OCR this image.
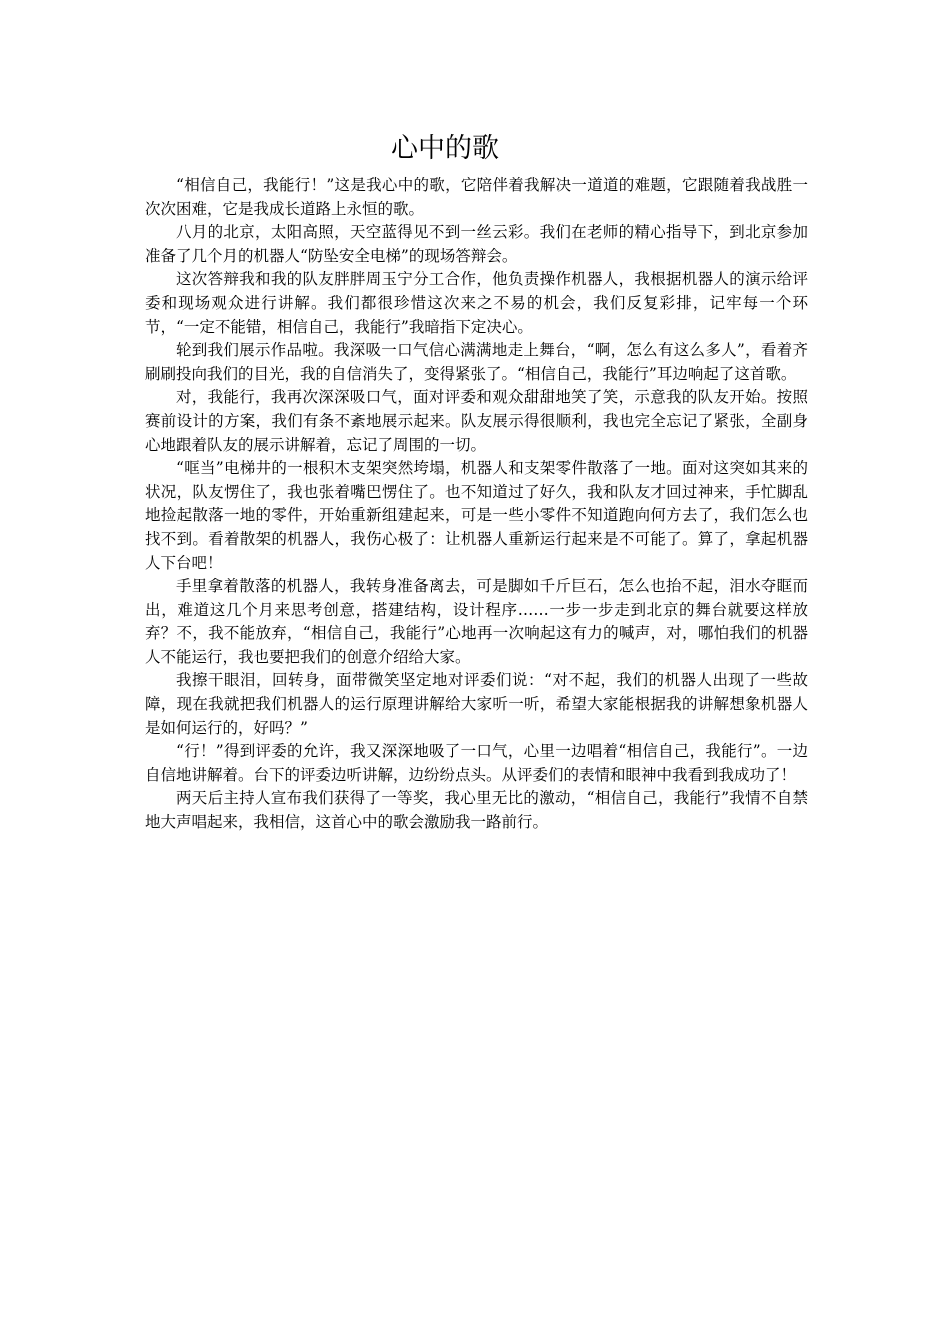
心中的歌

“相信自己，我能行！”这是我心中的歌，它陪伴着我解决一道道的难题，它跟随着我战胜一次次困难，它是我成长道路上永恒的歌。

八月的北京，太阳高照，天空蓝得见不到一丝云彩。我们在老师的精心指导下，到北京参加准备了几个月的机器人“防坠安全电梯”的现场答辩会。

这次答辩我和我的队友胖胖周玉宁分工合作，他负责操作机器人，我根据机器人的演示给评委和现场观众进行讲解。我们都很珍惜这次来之不易的机会，我们反复彩排，记牢每一个环节，“一定不能错，相信自己，我能行”我暗指下定决心。

轮到我们展示作品啦。我深吸一口气信心满满地走上舞台，“啊，怎么有这么多人”，看着齐刷刷投向我们的目光，我的自信消失了，变得紧张了。“相信自己，我能行”耳边响起了这首歌。

对，我能行，我再次深深吸口气，面对评委和观众甜甜地笑了笑，示意我的队友开始。按照赛前设计的方案，我们有条不紊地展示起来。队友展示得很顺利，我也完全忘记了紧张，全副身心地跟着队友的展示讲解着，忘记了周围的一切。

“哐当”电梯井的一根积木支架突然垮塌，机器人和支架零件散落了一地。面对这突如其来的状况，队友愣住了，我也张着嘴巴愣住了。也不知道过了好久，我和队友才回过神来，手忙脚乱地捡起散落一地的零件，开始重新组建起来，可是一些小零件不知道跑向何方去了，我们怎么也找不到。看着散架的机器人，我伤心极了：让机器人重新运行起来是不可能了。算了，拿起机器人下台吧！

手里拿着散落的机器人，我转身准备离去，可是脚如千斤巨石，怎么也抬不起，泪水夺眶而出，难道这几个月来思考创意，搭建结构，设计程序……一步一步走到北京的舞台就要这样放弃？不，我不能放弃，“相信自己，我能行”心地再一次响起这有力的喊声，对，哪怕我们的机器人不能运行，我也要把我们的创意介绍给大家。

我擦干眼泪，回转身，面带微笑坚定地对评委们说：“对不起，我们的机器人出现了一些故障，现在我就把我们机器人的运行原理讲解给大家听一听，希望大家能根据我的讲解想象机器人是如何运行的，好吗？”

“行！”得到评委的允许，我又深深地吸了一口气，心里一边唱着“相信自己，我能行”。一边自信地讲解着。台下的评委边听讲解，边纷纷点头。从评委们的表情和眼神中我看到我成功了！

两天后主持人宣布我们获得了一等奖，我心里无比的激动，“相信自己，我能行”我情不自禁地大声唱起来，我相信，这首心中的歌会激励我一路前行。
